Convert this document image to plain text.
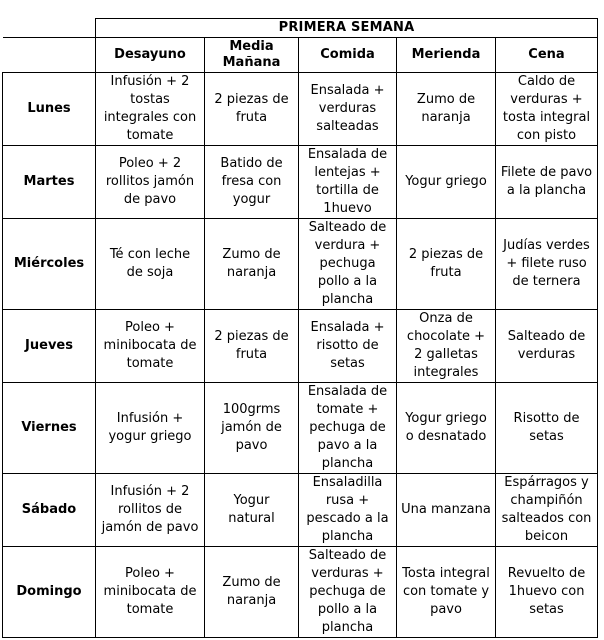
	PRIMERA SEMANA				
	Desayuno	Media Mañana	Comida	Merienda	Cena
Lunes	Infusión + 2 tostas integrales con tomate	2 piezas de fruta	Ensalada + verduras salteadas	Zumo de naranja	Caldo de verduras + tosta integral con pisto
Martes	Poleo + 2 rollitos jamón de pavo	Batido de fresa con yogur	Ensalada de lentejas + tortilla de 1huevo	Yogur griego	Filete de pavo a la plancha
Miércoles	Té con leche de soja	Zumo de naranja	Salteado de verdura + pechuga pollo a la plancha	2 piezas de fruta	Judías verdes + filete ruso de ternera
Jueves	Poleo + minibocata de tomate	2 piezas de fruta	Ensalada + risotto de setas	Onza de chocolate + 2 galletas integrales	Salteado de verduras
Viernes	Infusión + yogur griego	100grms jamón de pavo	Ensalada de tomate + pechuga de pavo a la plancha	Yogur griego o desnatado	Risotto de setas
Sábado	Infusión + 2 rollitos de jamón de pavo	Yogur natural	Ensaladilla rusa + pescado a la plancha	Una manzana	Espárragos y champiñón salteados con beicon
Domingo	Poleo + minibocata de tomate	Zumo de naranja	Salteado de verduras + pechuga de pollo a la plancha	Tosta integral con tomate y pavo	Revuelto de 1huevo con setas
